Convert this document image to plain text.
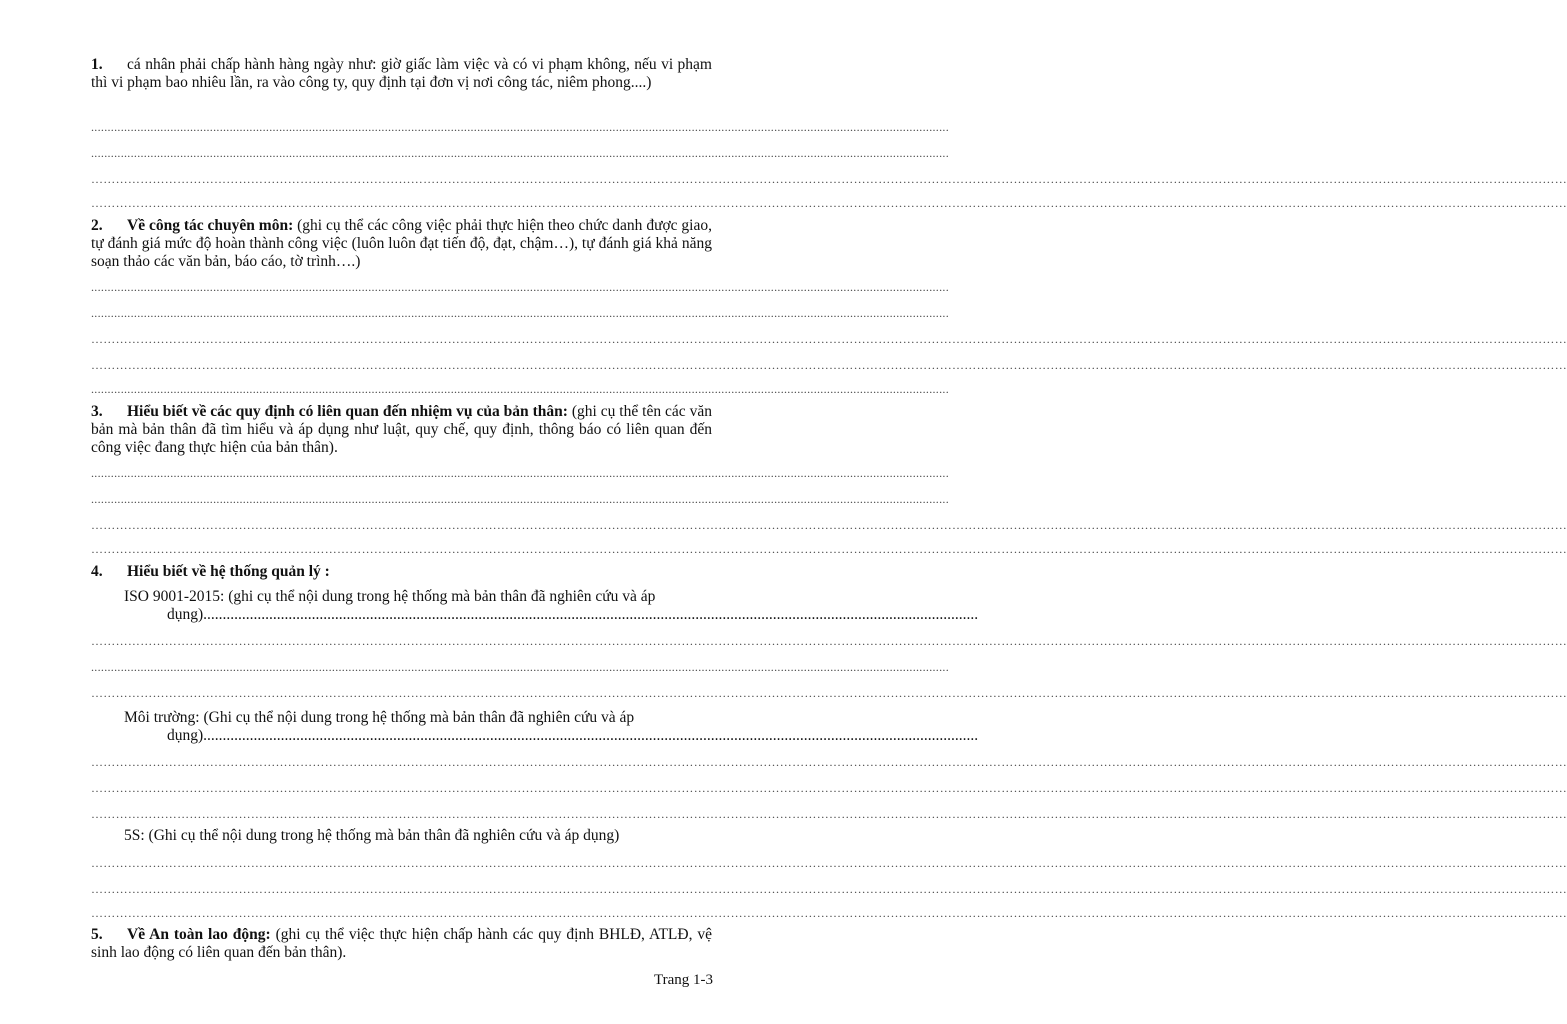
1. cá nhân phải chấp hành hàng ngày như: giờ giấc làm việc và có vi phạm không, nếu vi phạm thì vi phạm bao nhiêu lần, ra vào công ty, quy định tại đơn vị nơi công tác, niêm phong....)
....................................................................................................................................................................................................................................................................
....................................................................................................................................................................................................................................................................
………………………………………………………………………………………………………………………………………………………………………………………………………………………………………………………………………………………………………………………………
………………………………………………………………………………………………………………………………………………………………………………………………………………………………………………………………………………………………………………………………
2. Về công tác chuyên môn: (ghi cụ thể các công việc phải thực hiện theo chức danh được giao, tự đánh giá mức độ hoàn thành công việc (luôn luôn đạt tiến độ, đạt, chậm…), tự đánh giá khả năng soạn thảo các văn bản, báo cáo, tờ trình….)
....................................................................................................................................................................................................................................................................
....................................................................................................................................................................................................................................................................
………………………………………………………………………………………………………………………………………………………………………………………………………………………………………………………………………………………………………………………………
………………………………………………………………………………………………………………………………………………………………………………………………………………………………………………………………………………………………………………………………
....................................................................................................................................................................................................................................................................
3. Hiểu biết về các quy định có liên quan đến nhiệm vụ của bản thân: (ghi cụ thể tên các văn bản mà bản thân đã tìm hiểu và áp dụng như luật, quy chế, quy định, thông báo có liên quan đến công việc đang thực hiện của bản thân).
....................................................................................................................................................................................................................................................................
....................................................................................................................................................................................................................................................................
………………………………………………………………………………………………………………………………………………………………………………………………………………………………………………………………………………………………………………………………
………………………………………………………………………………………………………………………………………………………………………………………………………………………………………………………………………………………………………………………………
4. Hiểu biết về hệ thống quản lý :
ISO 9001-2015: (ghi cụ thể nội dung trong hệ thống mà bản thân đã nghiên cứu và áp
dụng)........................................................................................................................................................................................................
………………………………………………………………………………………………………………………………………………………………………………………………………………………………………………………………………………………………………………………………
....................................................................................................................................................................................................................................................................
………………………………………………………………………………………………………………………………………………………………………………………………………………………………………………………………………………………………………………………………
Môi trường: (Ghi cụ thể nội dung trong hệ thống mà bản thân đã nghiên cứu và áp
dụng)........................................................................................................................................................................................................
………………………………………………………………………………………………………………………………………………………………………………………………………………………………………………………………………………………………………………………………
………………………………………………………………………………………………………………………………………………………………………………………………………………………………………………………………………………………………………………………………
………………………………………………………………………………………………………………………………………………………………………………………………………………………………………………………………………………………………………………………………
5S: (Ghi cụ thể nội dung trong hệ thống mà bản thân đã nghiên cứu và áp dụng)
………………………………………………………………………………………………………………………………………………………………………………………………………………………………………………………………………………………………………………………………
………………………………………………………………………………………………………………………………………………………………………………………………………………………………………………………………………………………………………………………………
………………………………………………………………………………………………………………………………………………………………………………………………………………………………………………………………………………………………………………………………
5. Về An toàn lao động: (ghi cụ thể việc thực hiện chấp hành các quy định BHLĐ, ATLĐ, vệ sinh lao động có liên quan đến bản thân).
Trang 1-3
